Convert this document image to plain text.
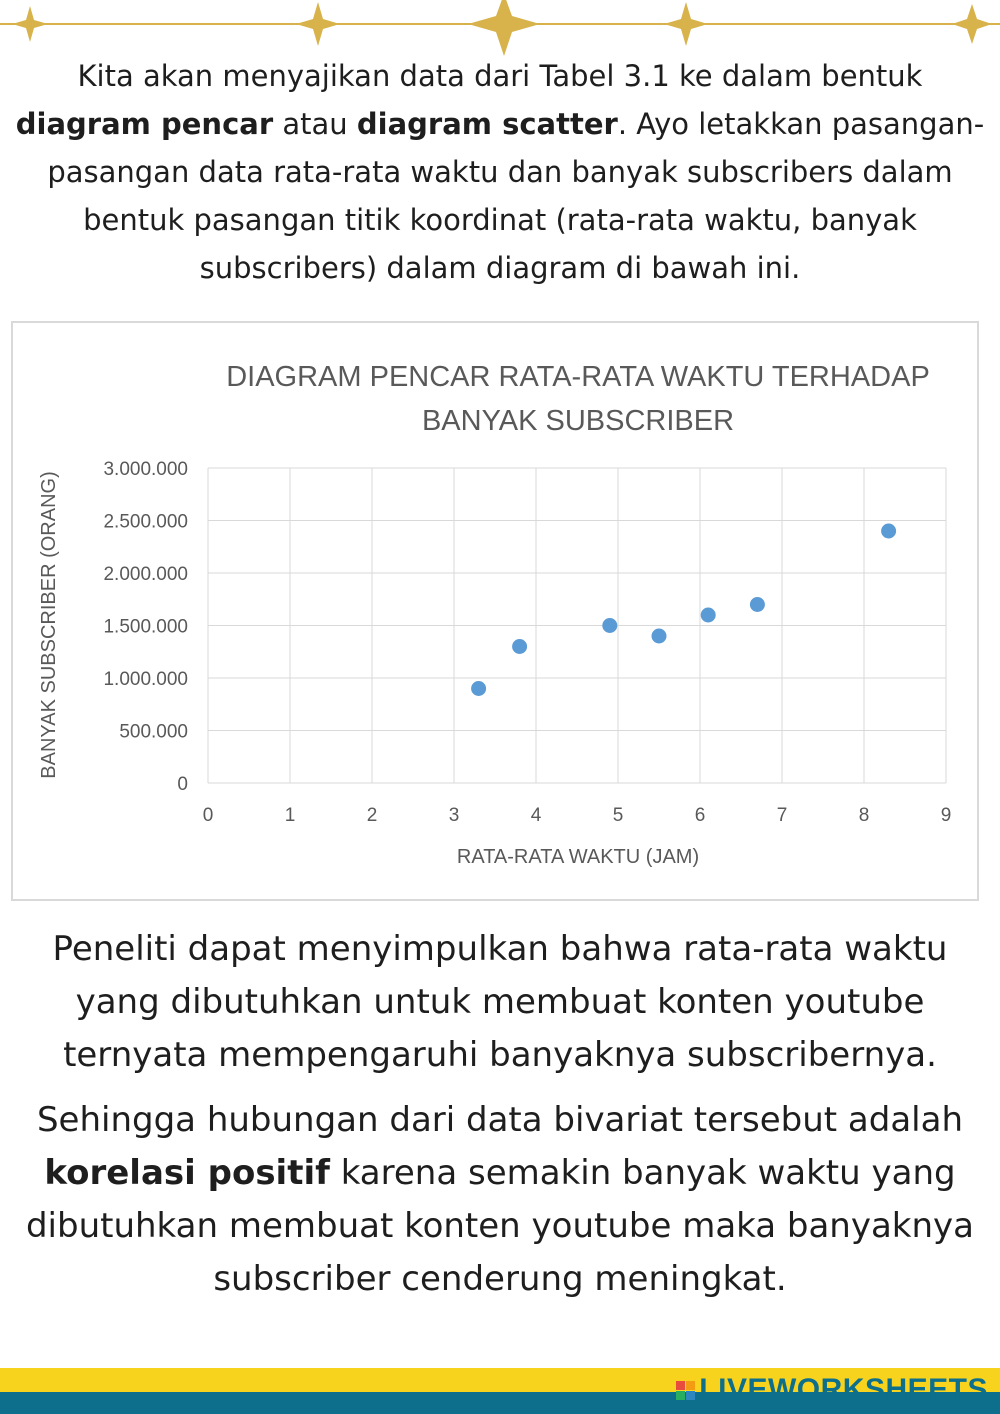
Kita akan menyajikan data dari Tabel 3.1 ke dalam bentuk diagram pencar atau diagram scatter. Ayo letakkan pasangan-pasangan data rata-rata waktu dan banyak subscribers dalam bentuk pasangan titik koordinat (rata-rata waktu, banyak subscribers) dalam diagram di bawah ini.
DIAGRAM PENCAR RATA-RATA WAKTU TERHADAP
BANYAK SUBSCRIBER
0	1	2	3	4	5	6	7	8	9
0
500.000
1.000.000
1.500.000
2.000.000
2.500.000
3.000.000
RATA-RATA WAKTU (JAM)
BANYAK SUBSCRIBER (ORANG)
Peneliti dapat menyimpulkan bahwa rata-rata waktu yang dibutuhkan untuk membuat konten youtube ternyata mempengaruhi banyaknya subscribernya.
Sehingga hubungan dari data bivariat tersebut adalah korelasi positif karena semakin banyak waktu yang dibutuhkan membuat konten youtube maka banyaknya subscriber cenderung meningkat.
LIVEWORKSHEETS
